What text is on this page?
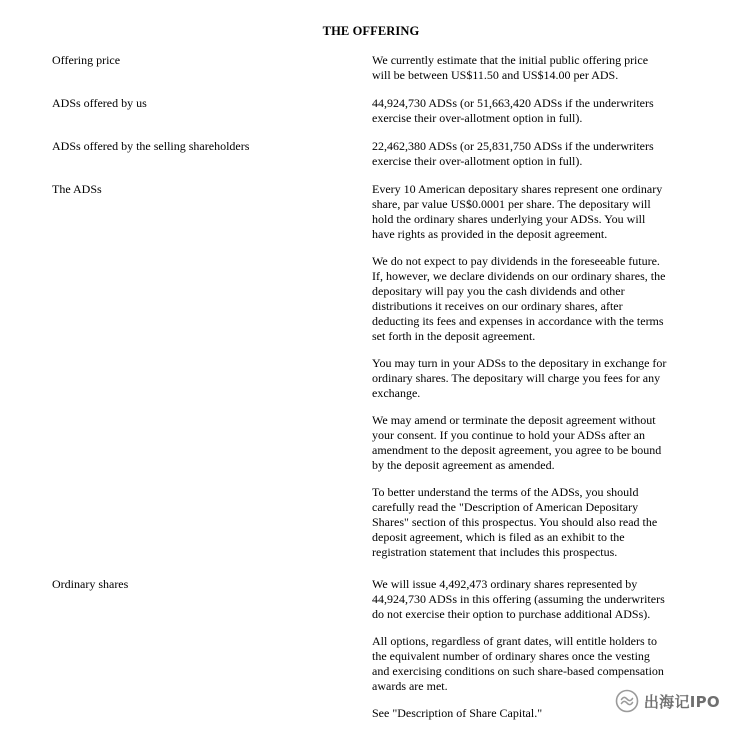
THE OFFERING
Offering price	We currently estimate that the initial public offering price
will be between US$11.50 and US$14.00 per ADS.

ADSs offered by us	44,924,730 ADSs (or 51,663,420 ADSs if the underwriters
exercise their over-allotment option in full).

ADSs offered by the selling shareholders	22,462,380 ADSs (or 25,831,750 ADSs if the underwriters
exercise their over-allotment option in full).

The ADSs	Every 10 American depositary shares represent one ordinary
share, par value US$0.0001 per share. The depositary will
hold the ordinary shares underlying your ADSs. You will
have rights as provided in the deposit agreement.

We do not expect to pay dividends in the foreseeable future.
If, however, we declare dividends on our ordinary shares, the
depositary will pay you the cash dividends and other
distributions it receives on our ordinary shares, after
deducting its fees and expenses in accordance with the terms
set forth in the deposit agreement.

You may turn in your ADSs to the depositary in exchange for
ordinary shares. The depositary will charge you fees for any
exchange.

We may amend or terminate the deposit agreement without
your consent. If you continue to hold your ADSs after an
amendment to the deposit agreement, you agree to be bound
by the deposit agreement as amended.

To better understand the terms of the ADSs, you should
carefully read the "Description of American Depositary
Shares" section of this prospectus. You should also read the
deposit agreement, which is filed as an exhibit to the
registration statement that includes this prospectus.

Ordinary shares	We will issue 4,492,473 ordinary shares represented by
44,924,730 ADSs in this offering (assuming the underwriters
do not exercise their option to purchase additional ADSs).

All options, regardless of grant dates, will entitle holders to
the equivalent number of ordinary shares once the vesting
and exercising conditions on such share-based compensation
awards are met.

See "Description of Share Capital."

出海记IPO
